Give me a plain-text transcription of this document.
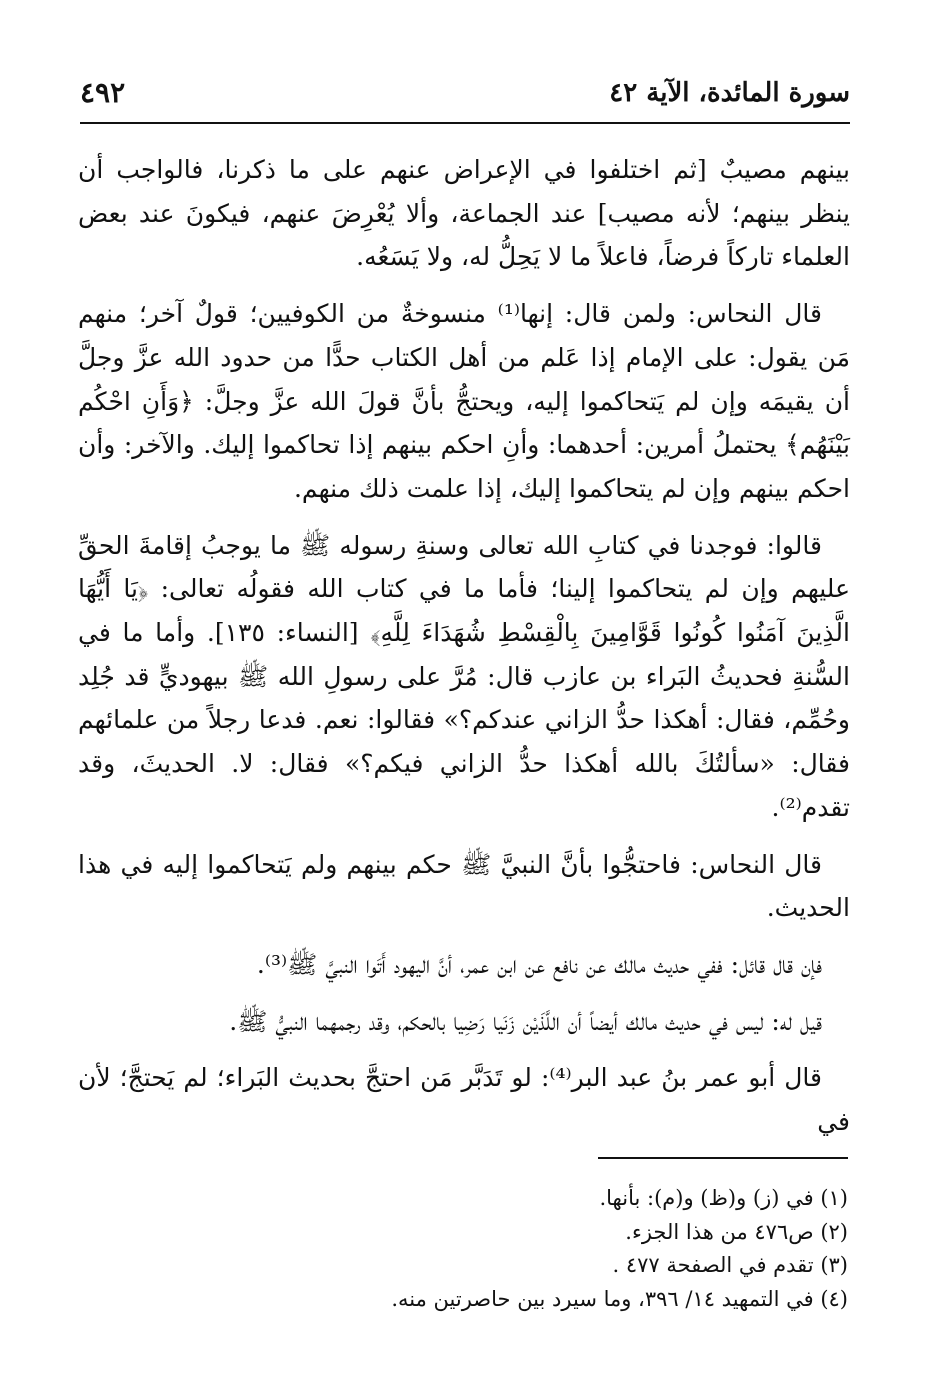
٤٩٢	سورة المائدة، الآية ٤٢

بينهم مصيبٌ [ثم اختلفوا في الإعراض عنهم على ما ذكرنا، فالواجب أن ينظر بينهم؛ لأنه مصيب] عند الجماعة، وألا يُعْرِضَ عنهم، فيكونَ عند بعض العلماء تاركاً فرضاً، فاعلاً ما لا يَحِلُّ له، ولا يَسَعُه.

قال النحاس: ولمن قال: إنها⁽¹⁾ منسوخةٌ من الكوفيين؛ قولٌ آخر؛ منهم مَن يقول: على الإمام إذا عَلم من أهل الكتاب حدًّا من حدود الله عزَّ وجلَّ أن يقيمَه وإن لم يَتحاكموا إليه، ويحتجُّ بأنَّ قولَ الله عزَّ وجلَّ: ﴿وَأَنِ احْكُم بَيْنَهُم﴾ يحتملُ أمرين: أحدهما: وأنِ احكم بينهم إذا تحاكموا إليك. والآخر: وأن احكم بينهم وإن لم يتحاكموا إليك، إذا علمت ذلك منهم.

قالوا: فوجدنا في كتابِ الله تعالى وسنةِ رسوله ﷺ ما يوجبُ إقامةَ الحقِّ عليهم وإن لم يتحاكموا إلينا؛ فأما ما في كتاب الله فقولُه تعالى: ﴿يَا أَيُّهَا الَّذِينَ آمَنُوا كُونُوا قَوَّامِينَ بِالْقِسْطِ شُهَدَاءَ لِلَّهِ﴾ [النساء: ١٣٥]. وأما ما في السُّنةِ فحديثُ البَراء بن عازب قال: مُرَّ على رسولِ الله ﷺ بيهوديٍّ قد جُلِد وحُمِّم، فقال: أهكذا حدُّ الزاني عندكم؟» فقالوا: نعم. فدعا رجلاً من علمائهم فقال: «سألتُكَ بالله أهكذا حدُّ الزاني فيكم؟» فقال: لا. الحديثَ، وقد تقدم⁽²⁾.

قال النحاس: فاحتجُّوا بأنَّ النبيَّ ﷺ حكم بينهم ولم يَتحاكموا إليه في هذا الحديث.

فإن قال قائل: ففي حديث مالك عن نافع عن ابن عمر، أنَّ اليهود أَتَوا النبيَّ ﷺ⁽³⁾.

قيل له: ليس في حديث مالك أيضاً أن اللَّذَيْن زَنَيا رَضِيا بالحكم، وقد رجمهما النبيُّ ﷺ.

قال أبو عمر بنُ عبد البر⁽⁴⁾: لو تَدَبَّر مَن احتجَّ بحديث البَراء؛ لم يَحتجَّ؛ لأن في

(١) في (ز) و(ظ) و(م): بأنها.

(٢) ص٤٧٦ من هذا الجزء.

(٣) تقدم في الصفحة ٤٧٧ .

(٤) في التمهيد ١٤/ ٣٩٦، وما سيرد بين حاصرتين منه.
